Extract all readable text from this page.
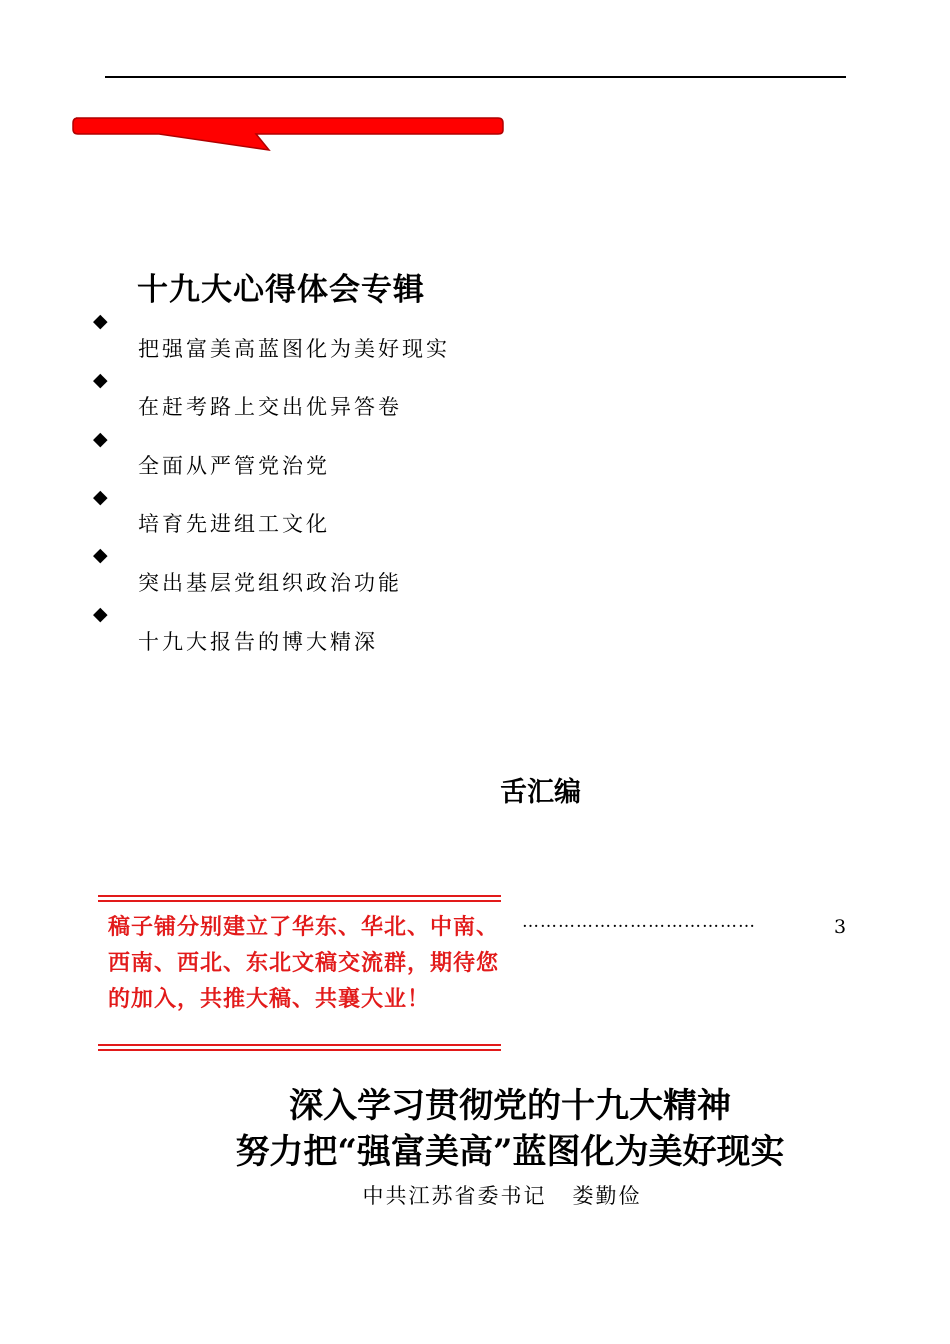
十九大心得体会专辑
◆
把强富美高蓝图化为美好现实
◆
在赶考路上交出优异答卷
◆
全面从严管党治党
◆
培育先进组工文化
◆
突出基层党组织政治功能
◆
十九大报告的博大精深
舌汇编
稿子铺分别建立了华东、华北、中南、西南、西北、东北文稿交流群，期待您的加入，共推大稿、共襄大业！
…………………………………	3
深入学习贯彻党的十九大精神
努力把“强富美高”蓝图化为美好现实
中共江苏省委书记   娄勤俭
